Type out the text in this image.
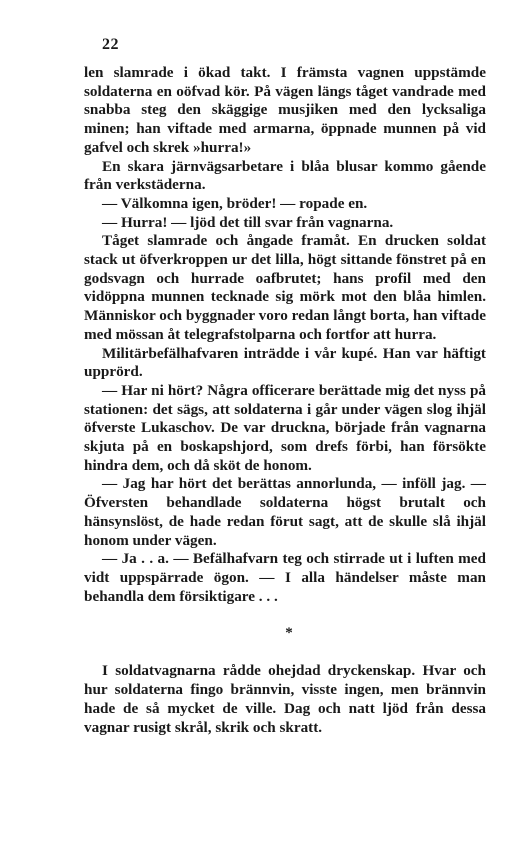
22

len slamrade i ökad takt. I främsta vagnen uppstämde soldaterna en oöfvad kör. På vägen längs tåget vandrade med snabba steg den skäggige musjiken med den lycksaliga minen; han viftade med armarna, öppnade munnen på vid gafvel och skrek »hurra!»

En skara järnvägsarbetare i blåa blusar kommo gående från verkstäderna.

— Välkomna igen, bröder! — ropade en.

— Hurra! — ljöd det till svar från vagnarna.

Tåget slamrade och ångade framåt. En drucken soldat stack ut öfverkroppen ur det lilla, högt sittande fönstret på en godsvagn och hurrade oafbrutet; hans profil med den vidöppna munnen tecknade sig mörk mot den blåa himlen. Människor och byggnader voro redan långt borta, han viftade med mössan åt telegrafstolparna och fortfor att hurra.

Militärbefälhafvaren inträdde i vår kupé. Han var häftigt upprörd.

— Har ni hört? Några officerare berättade mig det nyss på stationen: det sägs, att soldaterna i går under vägen slog ihjäl öfverste Lukaschov. De var druckna, började från vagnarna skjuta på en boskapshjord, som drefs förbi, han försökte hindra dem, och då sköt de honom.

— Jag har hört det berättas annorlunda, — inföll jag. — Öfversten behandlade soldaterna högst brutalt och hänsynslöst, de hade redan förut sagt, att de skulle slå ihjäl honom under vägen.

— Ja . . a. — Befälhafvarn teg och stirrade ut i luften med vidt uppspärrade ögon. — I alla händelser måste man behandla dem försiktigare . . .

*

I soldatvagnarna rådde ohejdad dryckenskap. Hvar och hur soldaterna fingo brännvin, visste ingen, men brännvin hade de så mycket de ville. Dag och natt ljöd från dessa vagnar rusigt skrål, skrik och skratt.
